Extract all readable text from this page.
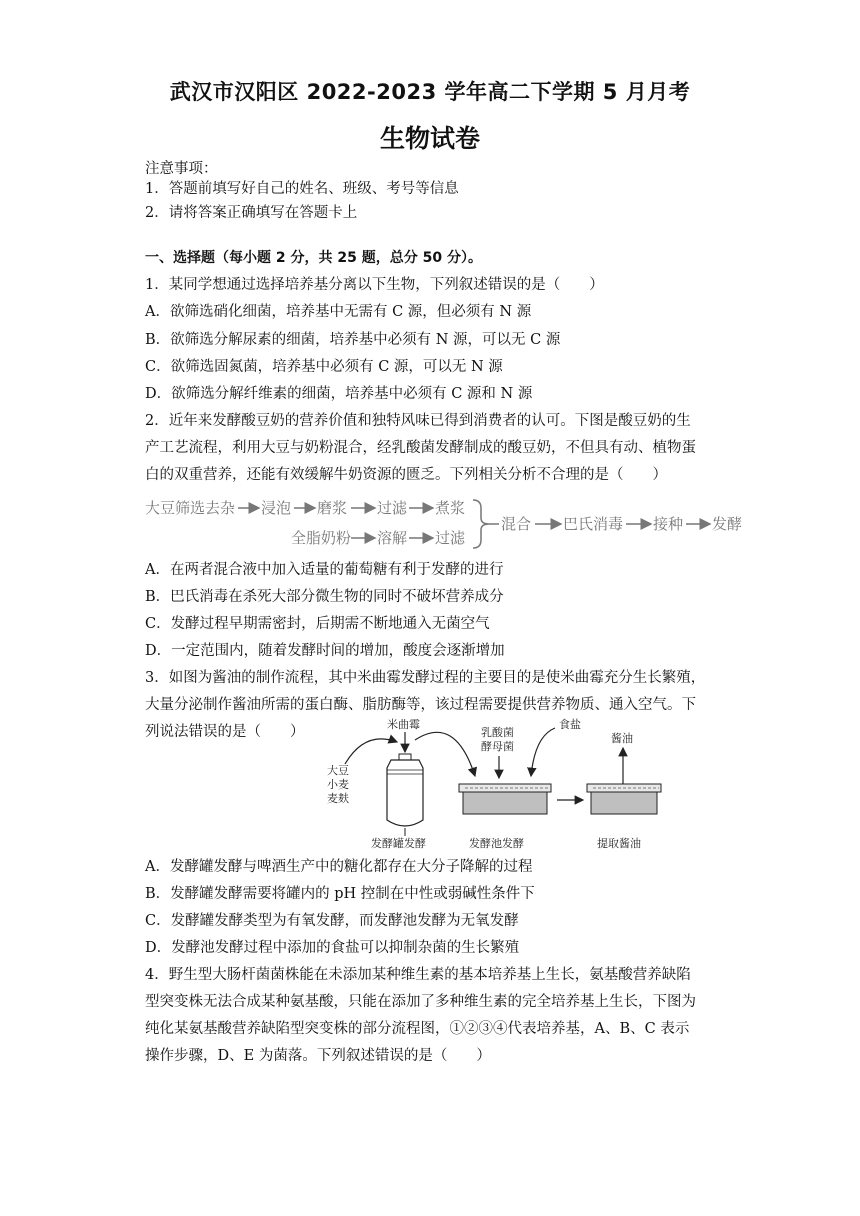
武汉市汉阳区 2022-2023 学年高二下学期 5 月月考
生物试卷
注意事项：
1．答题前填写好自己的姓名、班级、考号等信息
2．请将答案正确填写在答题卡上
一、选择题（每小题 2 分，共 25 题，总分 50 分）。
1．某同学想通过选择培养基分离以下生物，下列叙述错误的是（　　）
A．欲筛选硝化细菌，培养基中无需有 C 源，但必须有 N 源
B．欲筛选分解尿素的细菌，培养基中必须有 N 源，可以无 C 源
C．欲筛选固氮菌，培养基中必须有 C 源，可以无 N 源
D．欲筛选分解纤维素的细菌，培养基中必须有 C 源和 N 源
2．近年来发酵酸豆奶的营养价值和独特风味已得到消费者的认可。下图是酸豆奶的生
产工艺流程，利用大豆与奶粉混合，经乳酸菌发酵制成的酸豆奶，不但具有动、植物蛋
白的双重营养，还能有效缓解牛奶资源的匮乏。下列相关分析不合理的是（　　）
大豆筛选去杂 浸泡 磨浆 过滤 煮浆
全脂奶粉 溶解 过滤
混合 巴氏消毒 接种 发酵
A．在两者混合液中加入适量的葡萄糖有利于发酵的进行
B．巴氏消毒在杀死大部分微生物的同时不破坏营养成分
C．发酵过程早期需密封，后期需不断地通入无菌空气
D．一定范围内，随着发酵时间的增加，酸度会逐渐增加
3．如图为酱油的制作流程，其中米曲霉发酵过程的主要目的是使米曲霉充分生长繁殖，
大量分泌制作酱油所需的蛋白酶、脂肪酶等，该过程需要提供营养物质、通入空气。下
列说法错误的是（　　）	米曲霉
大豆
小麦
麦麸
发酵罐发酵
乳酸菌
酵母菌
食盐
发酵池发酵
酱油
提取酱油
A．发酵罐发酵与啤酒生产中的糖化都存在大分子降解的过程
B．发酵罐发酵需要将罐内的 pH 控制在中性或弱碱性条件下
C．发酵罐发酵类型为有氧发酵，而发酵池发酵为无氧发酵
D．发酵池发酵过程中添加的食盐可以抑制杂菌的生长繁殖
4．野生型大肠杆菌菌株能在未添加某种维生素的基本培养基上生长，氨基酸营养缺陷
型突变株无法合成某种氨基酸，只能在添加了多种维生素的完全培养基上生长，下图为
纯化某氨基酸营养缺陷型突变株的部分流程图，①②③④代表培养基，A、B、C 表示
操作步骤，D、E 为菌落。下列叙述错误的是（　　）
